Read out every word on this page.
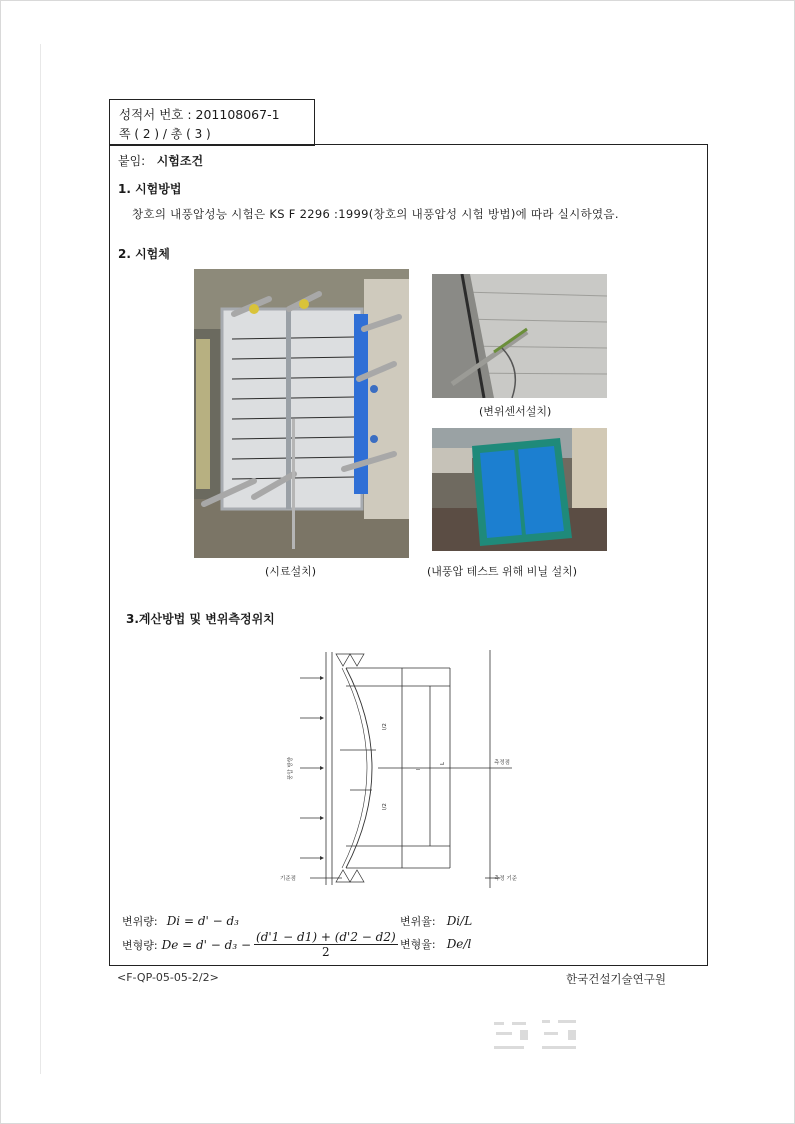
성적서 번호 : 201108067-1
쪽 ( 2 ) / 총 ( 3 )
붙임: 시험조건
1. 시험방법
창호의 내풍압성능 시험은 KS F 2296 :1999(창호의 내풍압성 시험 방법)에 따라 실시하였음.
2. 시험체
(변위센서설치)
(시료설치)	(내풍압 테스트 위해 비닐 설치)
3.계산방법 및 변위측정위치
l/2
l/2
l
L
풍압 방향
기준점
측정점
측정 기준
변위량: Di = d' − d₃	변위율: Di/L
변형량: $De = d' - d_3 - \frac{(d'1 - d1) + (d'2 - d2)}{2}$ 변형율: De/l
<F-QP-05-05-2/2>	한국건설기술연구원
